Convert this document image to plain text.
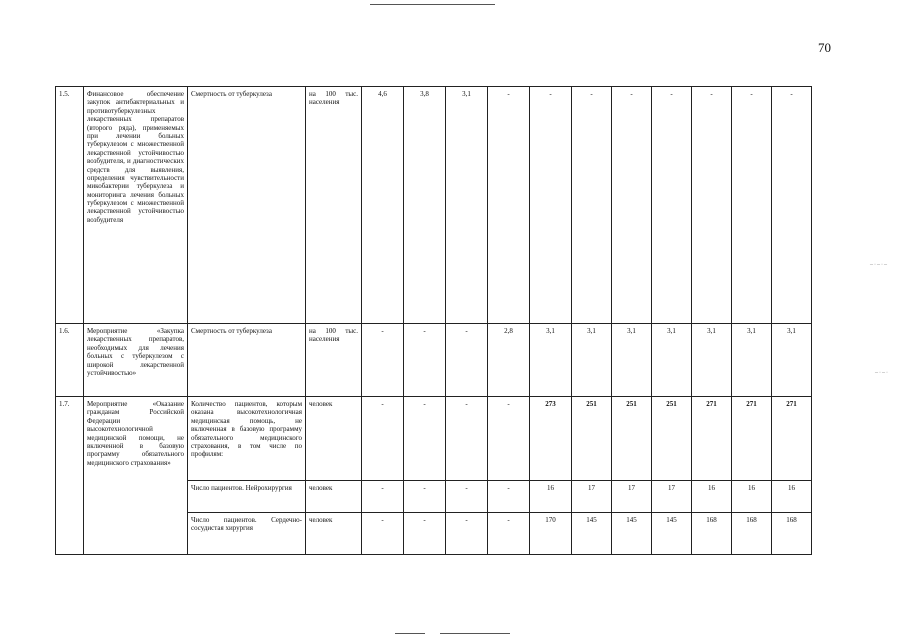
–·–·–
–·–·
70
1.5.	Финансовое обеспечение закупок антибактериальных и противотуберкулезных лекарственных препаратов (второго ряда), применяемых при лечении больных туберкулезом с множественной лекарственной устойчивостью возбудителя, и диагностических средств для выявления, определения чувствительности микобактерии туберкулеза и мониторинга лечения больных туберкулезом с множественной лекарственной устойчивостью возбудителя	Смертность от туберкулеза	на 100 тыс. населения	4,6	3,8	3,1	-	-	-	-	-	-	-	-
1.6.	Мероприятие «Закупка лекарственных препаратов, необходимых для лечения больных с туберкулезом с широкой лекарственной устойчивостью»	Смертность от туберкулеза	на 100 тыс. населения	-	-	-	2,8	3,1	3,1	3,1	3,1	3,1	3,1	3,1
1.7.	Мероприятие «Оказание гражданам Российской Федерации высокотехнологичной медицинской помощи, не включенной в базовую программу обязательного медицинского страхования»	Количество пациентов, которым оказана высокотехнологичная медицинская помощь, не включенная в базовую программу обязательного медицинского страхования, в том числе по профилям:	человек	-	-	-	-	273	251	251	251	271	271	271
		Число пациентов. Нейрохирургия	человек	-	-	-	-	16	17	17	17	16	16	16
		Число пациентов. Сердечно-сосудистая хирургия	человек	-	-	-	-	170	145	145	145	168	168	168
